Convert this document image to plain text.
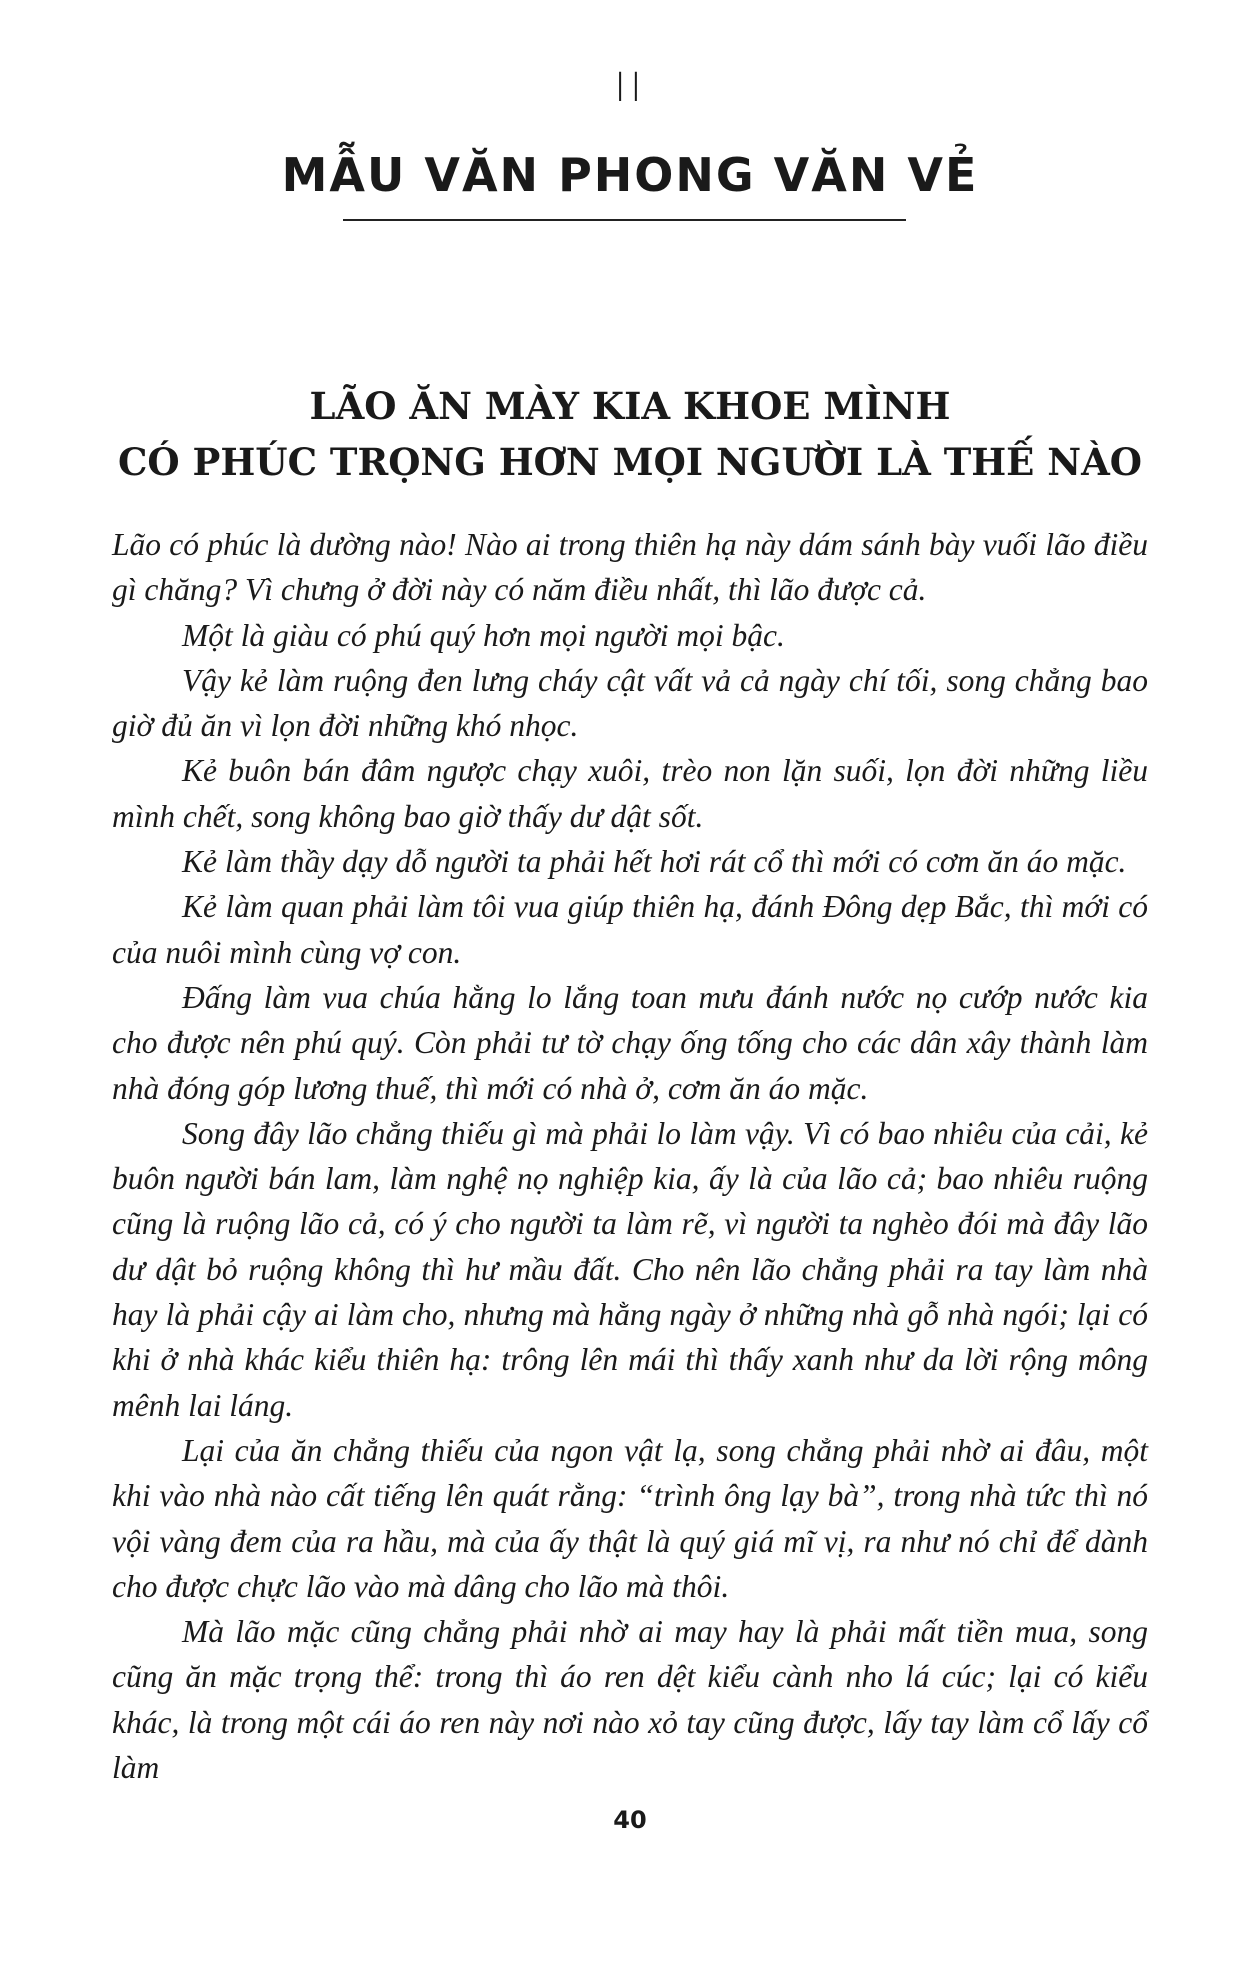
II
MẪU VĂN PHONG VĂN VẺ
LÃO ĂN MÀY KIA KHOE MÌNH
CÓ PHÚC TRỌNG HƠN MỌI NGƯỜI LÀ THẾ NÀO

Lão có phúc là dường nào! Nào ai trong thiên hạ này dám sánh bày vuối lão điều gì chăng? Vì chưng ở đời này có năm điều nhất, thì lão được cả.

Một là giàu có phú quý hơn mọi người mọi bậc.

Vậy kẻ làm ruộng đen lưng cháy cật vất vả cả ngày chí tối, song chẳng bao giờ đủ ăn vì lọn đời những khó nhọc.

Kẻ buôn bán đâm ngược chạy xuôi, trèo non lặn suối, lọn đời những liều mình chết, song không bao giờ thấy dư dật sốt.

Kẻ làm thầy dạy dỗ người ta phải hết hơi rát cổ thì mới có cơm ăn áo mặc.

Kẻ làm quan phải làm tôi vua giúp thiên hạ, đánh Đông dẹp Bắc, thì mới có của nuôi mình cùng vợ con.

Đấng làm vua chúa hằng lo lắng toan mưu đánh nước nọ cướp nước kia cho được nên phú quý. Còn phải tư tờ chạy ống tống cho các dân xây thành làm nhà đóng góp lương thuế, thì mới có nhà ở, cơm ăn áo mặc.

Song đây lão chẳng thiếu gì mà phải lo làm vậy. Vì có bao nhiêu của cải, kẻ buôn người bán lam, làm nghệ nọ nghiệp kia, ấy là của lão cả; bao nhiêu ruộng cũng là ruộng lão cả, có ý cho người ta làm rẽ, vì người ta nghèo đói mà đây lão dư dật bỏ ruộng không thì hư mầu đất. Cho nên lão chẳng phải ra tay làm nhà hay là phải cậy ai làm cho, nhưng mà hằng ngày ở những nhà gỗ nhà ngói; lại có khi ở nhà khác kiểu thiên hạ: trông lên mái thì thấy xanh như da lời rộng mông mênh lai láng.

Lại của ăn chẳng thiếu của ngon vật lạ, song chẳng phải nhờ ai đâu, một khi vào nhà nào cất tiếng lên quát rằng: “trình ông lạy bà”, trong nhà tức thì nó vội vàng đem của ra hầu, mà của ấy thật là quý giá mĩ vị, ra như nó chỉ để dành cho được chực lão vào mà dâng cho lão mà thôi.

Mà lão mặc cũng chẳng phải nhờ ai may hay là phải mất tiền mua, song cũng ăn mặc trọng thể: trong thì áo ren dệt kiểu cành nho lá cúc; lại có kiểu khác, là trong một cái áo ren này nơi nào xỏ tay cũng được, lấy tay làm cổ lấy cổ làm

40
